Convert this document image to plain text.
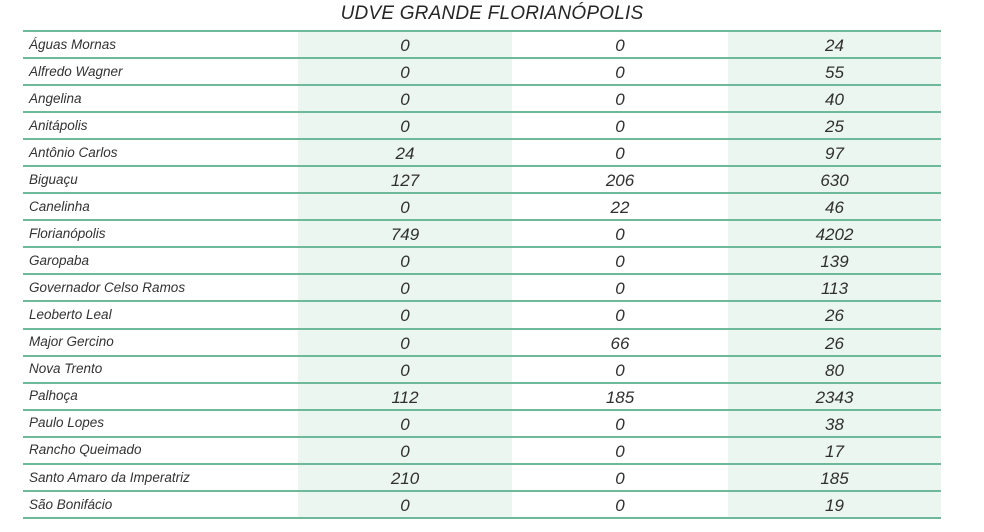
UDVE GRANDE FLORIANÓPOLIS
Águas Mornas	0	0	24
Alfredo Wagner	0	0	55
Angelina	0	0	40
Anitápolis	0	0	25
Antônio Carlos	24	0	97
Biguaçu	127	206	630
Canelinha	0	22	46
Florianópolis	749	0	4202
Garopaba	0	0	139
Governador Celso Ramos	0	0	113
Leoberto Leal	0	0	26
Major Gercino	0	66	26
Nova Trento	0	0	80
Palhoça	112	185	2343
Paulo Lopes	0	0	38
Rancho Queimado	0	0	17
Santo Amaro da Imperatriz	210	0	185
São Bonifácio	0	0	19
